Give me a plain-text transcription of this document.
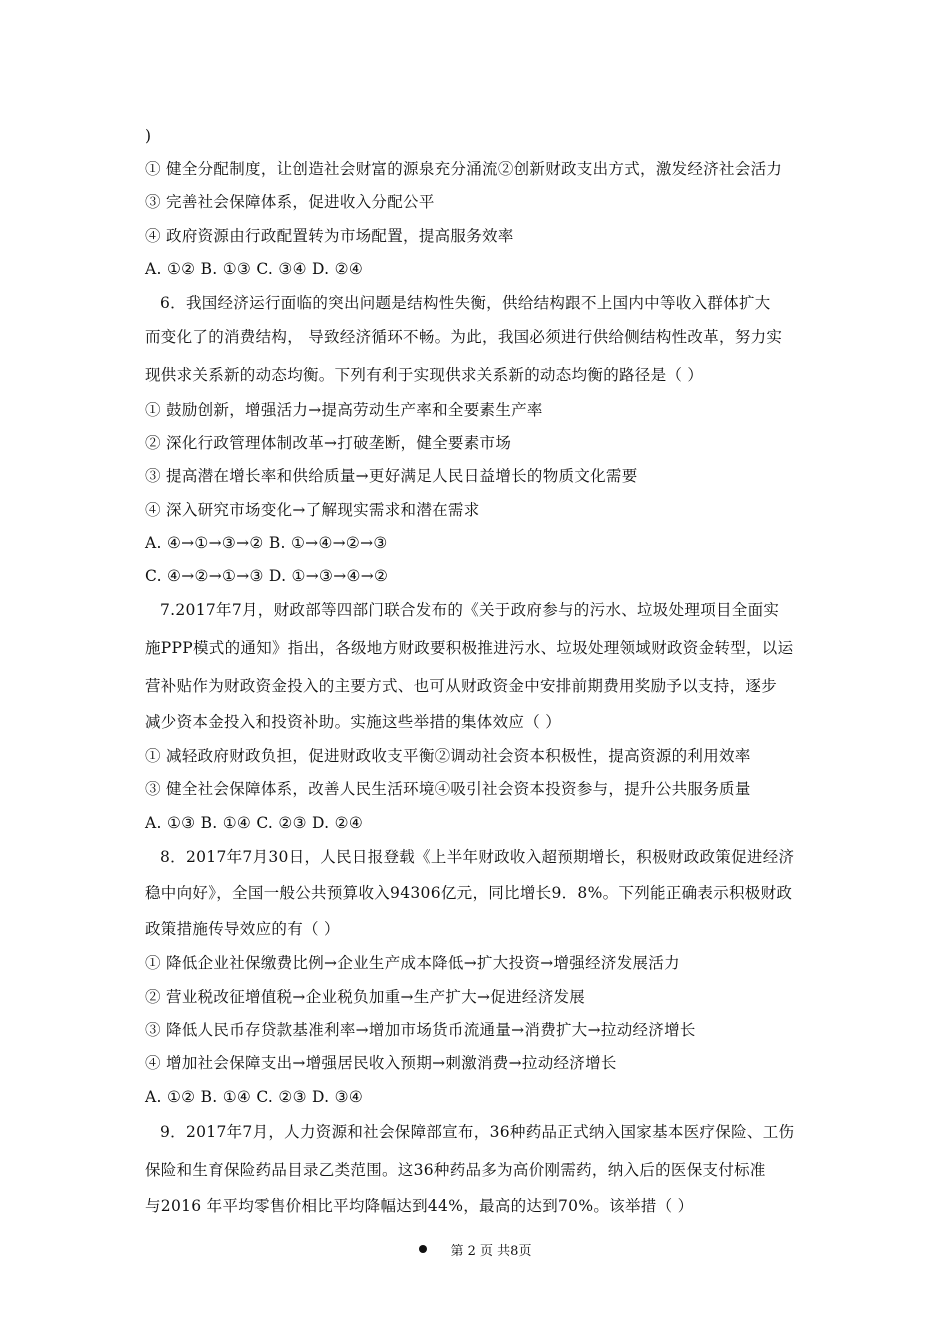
)
① 健全分配制度，让创造社会财富的源泉充分涌流②创新财政支出方式，激发经济社会活力
③ 完善社会保障体系，促进收入分配公平
④ 政府资源由行政配置转为市场配置，提高服务效率
A. ①② B. ①③ C. ③④ D. ②④
6．我国经济运行面临的突出问题是结构性失衡，供给结构跟不上国内中等收入群体扩大
而变化了的消费结构， 导致经济循环不畅。为此，我国必须进行供给侧结构性改革，努力实
现供求关系新的动态均衡。下列有利于实现供求关系新的动态均衡的路径是（ ）
① 鼓励创新，增强活力→提高劳动生产率和全要素生产率
② 深化行政管理体制改革→打破垄断，健全要素市场
③ 提高潜在增长率和供给质量→更好满足人民日益增长的物质文化需要
④ 深入研究市场变化→了解现实需求和潜在需求
A. ④→①→③→② B. ①→④→②→③
C. ④→②→①→③ D. ①→③→④→②
7.2017年7月，财政部等四部门联合发布的《关于政府参与的污水、垃圾处理项目全面实
施PPP模式的通知》指出，各级地方财政要积极推进污水、垃圾处理领域财政资金转型，以运
营补贴作为财政资金投入的主要方式、也可从财政资金中安排前期费用奖励予以支持，逐步
减少资本金投入和投资补助。实施这些举措的集体效应（ ）
① 减轻政府财政负担，促进财政收支平衡②调动社会资本积极性，提高资源的利用效率
③ 健全社会保障体系，改善人民生活环境④吸引社会资本投资参与，提升公共服务质量
A. ①③ B. ①④ C. ②③ D. ②④
8．2017年7月30日，人民日报登载《上半年财政收入超预期增长，积极财政政策促进经济
稳中向好》，全国一般公共预算收入94306亿元，同比增长9．8%。下列能正确表示积极财政
政策措施传导效应的有（ ）
① 降低企业社保缴费比例→企业生产成本降低→扩大投资→增强经济发展活力
② 营业税改征增值税→企业税负加重→生产扩大→促进经济发展
③ 降低人民币存贷款基准利率→增加市场货币流通量→消费扩大→拉动经济增长
④ 增加社会保障支出→增强居民收入预期→刺激消费→拉动经济增长
A. ①② B. ①④ C. ②③ D. ③④
9．2017年7月，人力资源和社会保障部宣布，36种药品正式纳入国家基本医疗保险、工伤
保险和生育保险药品目录乙类范围。这36种药品多为高价刚需药，纳入后的医保支付标准
与2016 年平均零售价相比平均降幅达到44%，最高的达到70%。该举措（ ）
第 2 页 共8页
